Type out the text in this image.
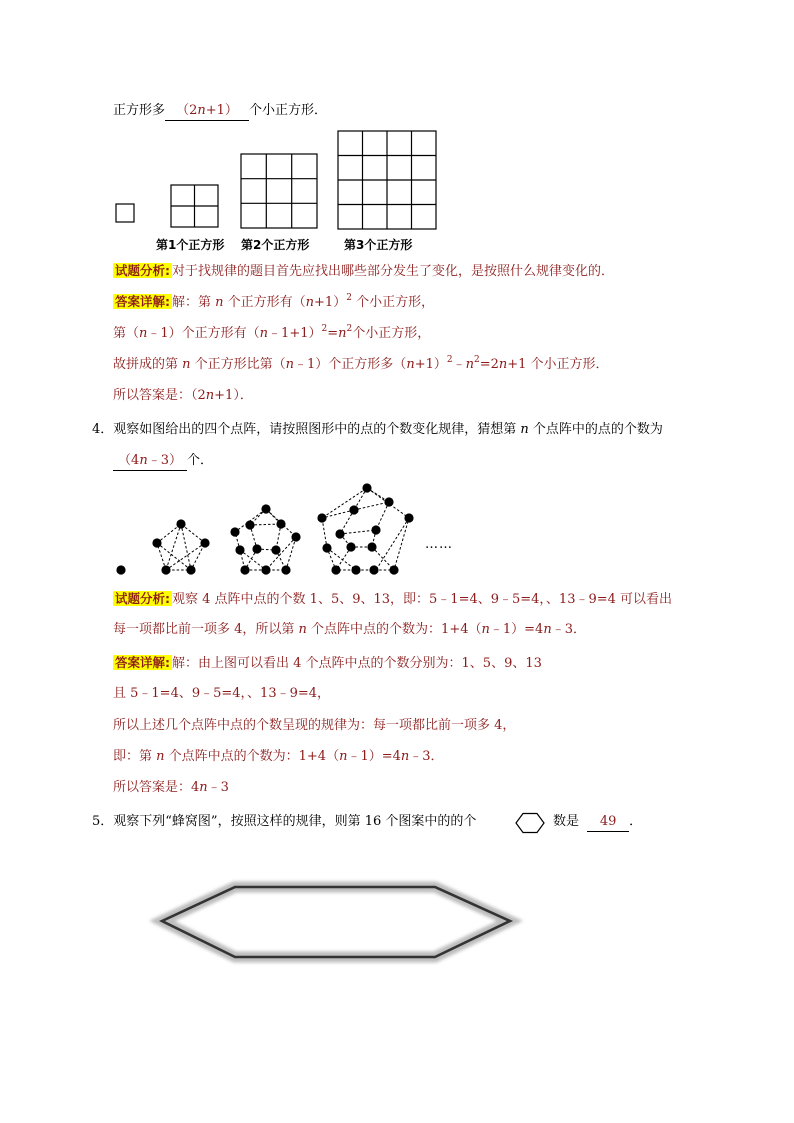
正方形多 （2n+1） 个小正方形．
第1个正方形 第2个正方形	第3个正方形
试题分析: 对于找规律的题目首先应找出哪些部分发生了变化，是按照什么规律变化的．
答案详解: 解：第 n 个正方形有$(n+1)^2$ 个小正方形，
第（n﹣1）个正方形有$(n﹣1+1)^2=n^2$个小正方形，
故拼成的第 n 个正方形比第（n﹣1）个正方形多$(n+1)^2﹣n^2=2n+1$ 个小正方形．
所以答案是：（2n+1）．
4．观察如图给出的四个点阵，请按照图形中的点的个数变化规律，猜想第 n 个点阵中的点的个数为
（4n﹣3） 个．
……
试题分析: 观察 4 点阵中点的个数 1、5、9、13，即：5﹣1=4、9﹣5=4，、13﹣9=4 可以看出
每一项都比前一项多 4，所以第 n 个点阵中点的个数为：1+4（n﹣1）=4n﹣3．
答案详解: 解：由上图可以看出 4 个点阵中点的个数分别为：1、5、9、13
且 5﹣1=4、9﹣5=4，、13﹣9=4，
所以上述几个点阵中点的个数呈现的规律为：每一项都比前一项多 4，
即：第 n 个点阵中点的个数为：1+4（n﹣1）=4n﹣3．
所以答案是：4n﹣3
5．观察下列“蜂窝图”，按照这样的规律，则第 16 个图案中的的个	数是 49 ．
